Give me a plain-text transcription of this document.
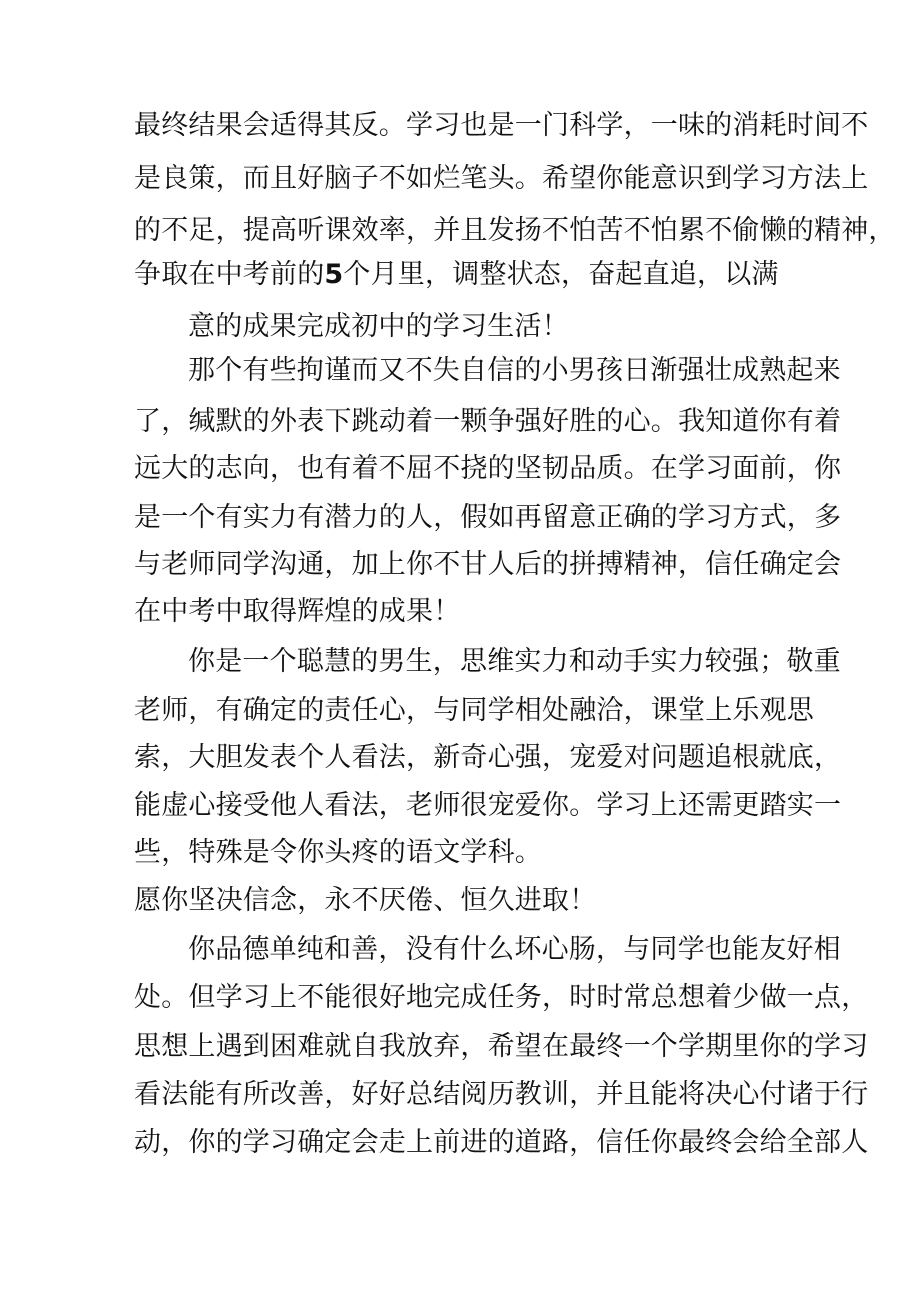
最终结果会适得其反。学习也是一门科学，一味的消耗时间不
是良策，而且好脑子不如烂笔头。希望你能意识到学习方法上
的不足，提高听课效率，并且发扬不怕苦不怕累不偷懒的精神，
争取在中考前的5个月里，调整状态，奋起直追，以满
意的成果完成初中的学习生活！
那个有些拘谨而又不失自信的小男孩日渐强壮成熟起来
了，缄默的外表下跳动着一颗争强好胜的心。我知道你有着
远大的志向，也有着不屈不挠的坚韧品质。在学习面前，你
是一个有实力有潜力的人，假如再留意正确的学习方式，多
与老师同学沟通，加上你不甘人后的拼搏精神，信任确定会
在中考中取得辉煌的成果！
你是一个聪慧的男生，思维实力和动手实力较强；敬重
老师，有确定的责任心，与同学相处融洽，课堂上乐观思
索，大胆发表个人看法，新奇心强，宠爱对问题追根就底，
能虚心接受他人看法，老师很宠爱你。学习上还需更踏实一
些，特殊是令你头疼的语文学科。
愿你坚决信念，永不厌倦、恒久进取！
你品德单纯和善，没有什么坏心肠，与同学也能友好相
处。但学习上不能很好地完成任务，时时常总想着少做一点，
思想上遇到困难就自我放弃，希望在最终一个学期里你的学习
看法能有所改善，好好总结阅历教训，并且能将决心付诸于行
动，你的学习确定会走上前进的道路，信任你最终会给全部人
